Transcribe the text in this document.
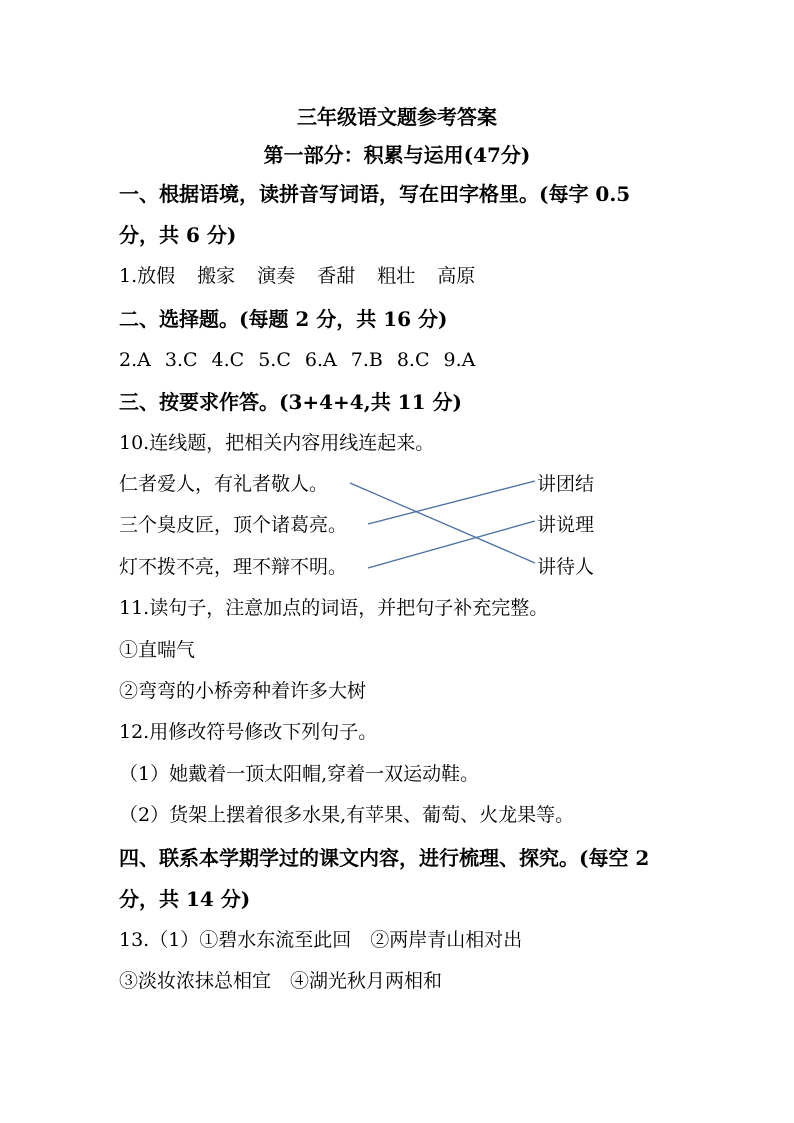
三年级语文题参考答案
第一部分：积累与运用(47分)
一、根据语境，读拼音写词语，写在田字格里。(每字 0.5
分，共 6 分)
1.放假 搬家 演奏 香甜 粗壮 高原
二、选择题。(每题 2 分，共 16 分)
2.A 3.C 4.C 5.C 6.A 7.B 8.C 9.A
三、按要求作答。(3+4+4,共 11 分)
10.连线题，把相关内容用线连起来。
仁者爱人，有礼者敬人。
三个臭皮匠，顶个诸葛亮。
灯不拨不亮，理不辩不明。
讲团结
讲说理
讲待人
11.读句子，注意加点的词语，并把句子补充完整。
①直喘气
②弯弯的小桥旁种着许多大树
12.用修改符号修改下列句子。
（1）她戴着一顶太阳帽,穿着一双运动鞋。
（2）货架上摆着很多水果,有苹果、葡萄、火龙果等。
四、联系本学期学过的课文内容，进行梳理、探究。(每空 2
分，共 14 分)
13.（1）①碧水东流至此回　②两岸青山相对出
③淡妆浓抹总相宜　④湖光秋月两相和
